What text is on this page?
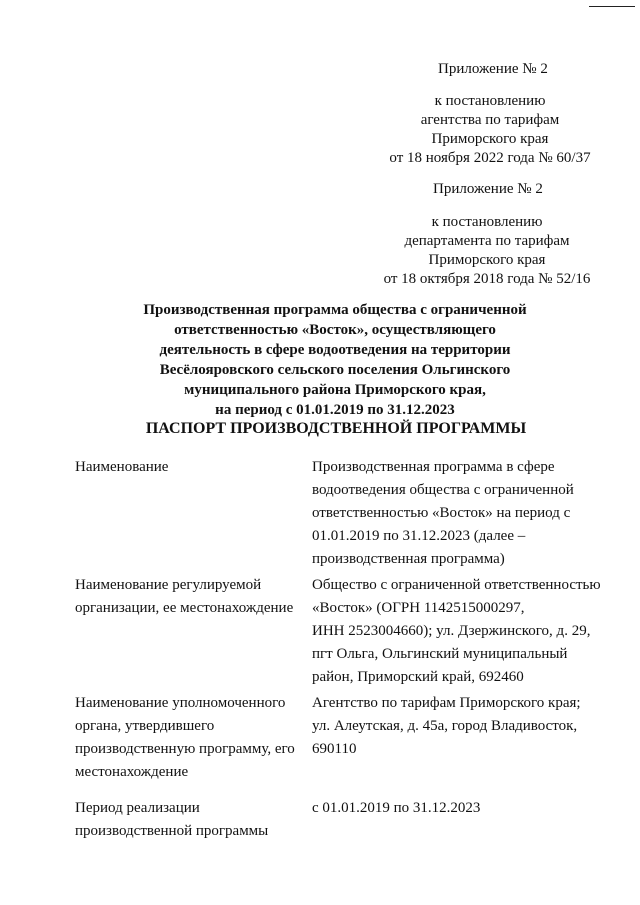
Приложение № 2
к постановлению
агентства по тарифам
Приморского края
от 18 ноября 2022 года № 60/37
Приложение № 2
к постановлению
департамента по тарифам
Приморского края
от 18 октября 2018 года № 52/16
Производственная программа общества с ограниченной
ответственностью «Восток», осуществляющего
деятельность в сфере водоотведения на территории
Весёлояровского сельского поселения Ольгинского
муниципального района Приморского края,
на период с 01.01.2019 по 31.12.2023
ПАСПОРТ ПРОИЗВОДСТВЕННОЙ ПРОГРАММЫ
Наименование	Производственная программа в сфере
водоотведения общества с ограниченной
ответственностью «Восток» на период с
01.01.2019 по 31.12.2023 (далее –
производственная программа)
Наименование регулируемой
организации, ее местонахождение
Общество с ограниченной ответственностью
«Восток» (ОГРН 1142515000297,
ИНН 2523004660); ул. Дзержинского, д. 29,
пгт Ольга, Ольгинский муниципальный
район, Приморский край, 692460
Наименование уполномоченного
органа, утвердившего
производственную программу, его
местонахождение
Агентство по тарифам Приморского края;
ул. Алеутская, д. 45а, город Владивосток,
690110
Период реализации
производственной программы
с 01.01.2019 по 31.12.2023
